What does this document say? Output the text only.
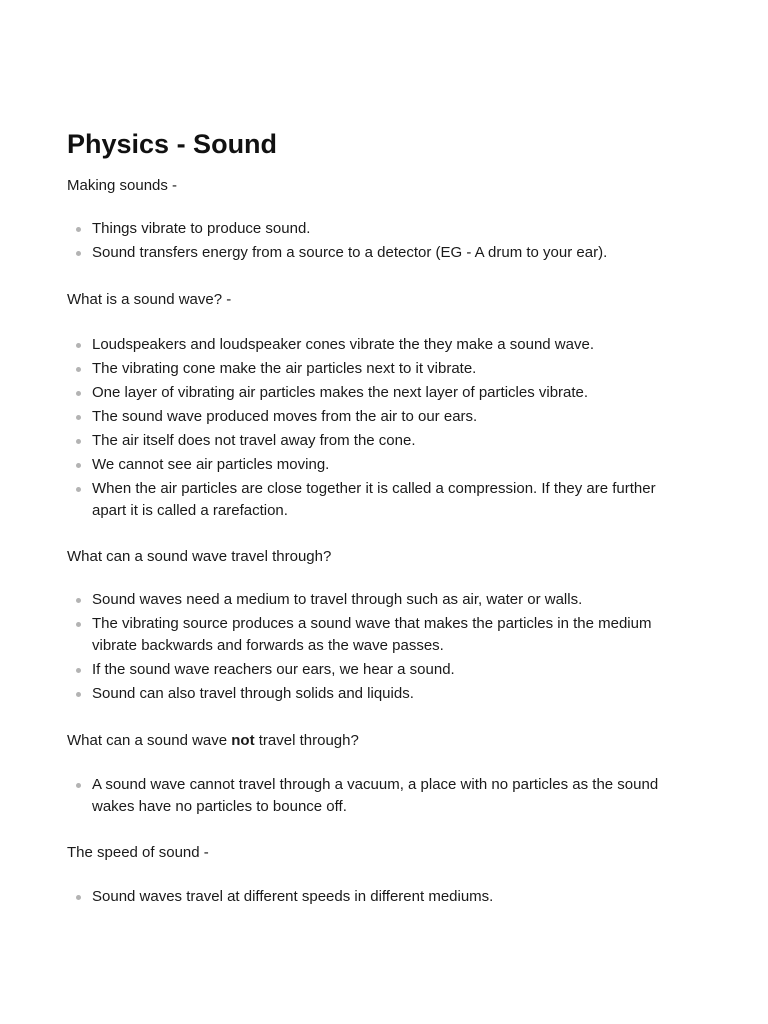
Physics - Sound

Making sounds -

Things vibrate to produce sound.
Sound transfers energy from a source to a detector (EG - A drum to your ear).

What is a sound wave? -

Loudspeakers and loudspeaker cones vibrate the they make a sound wave.
The vibrating cone make the air particles next to it vibrate.
One layer of vibrating air particles makes the next layer of particles vibrate.
The sound wave produced moves from the air to our ears.
The air itself does not travel away from the cone.
We cannot see air particles moving.
When the air particles are close together it is called a compression. If they are further apart it is called a rarefaction.

What can a sound wave travel through?

Sound waves need a medium to travel through such as air, water or walls.
The vibrating source produces a sound wave that makes the particles in the medium vibrate backwards and forwards as the wave passes.
If the sound wave reachers our ears, we hear a sound.
Sound can also travel through solids and liquids.

What can a sound wave not travel through?

A sound wave cannot travel through a vacuum, a place with no particles as the sound wakes have no particles to bounce off.

The speed of sound -

Sound waves travel at different speeds in different mediums.
